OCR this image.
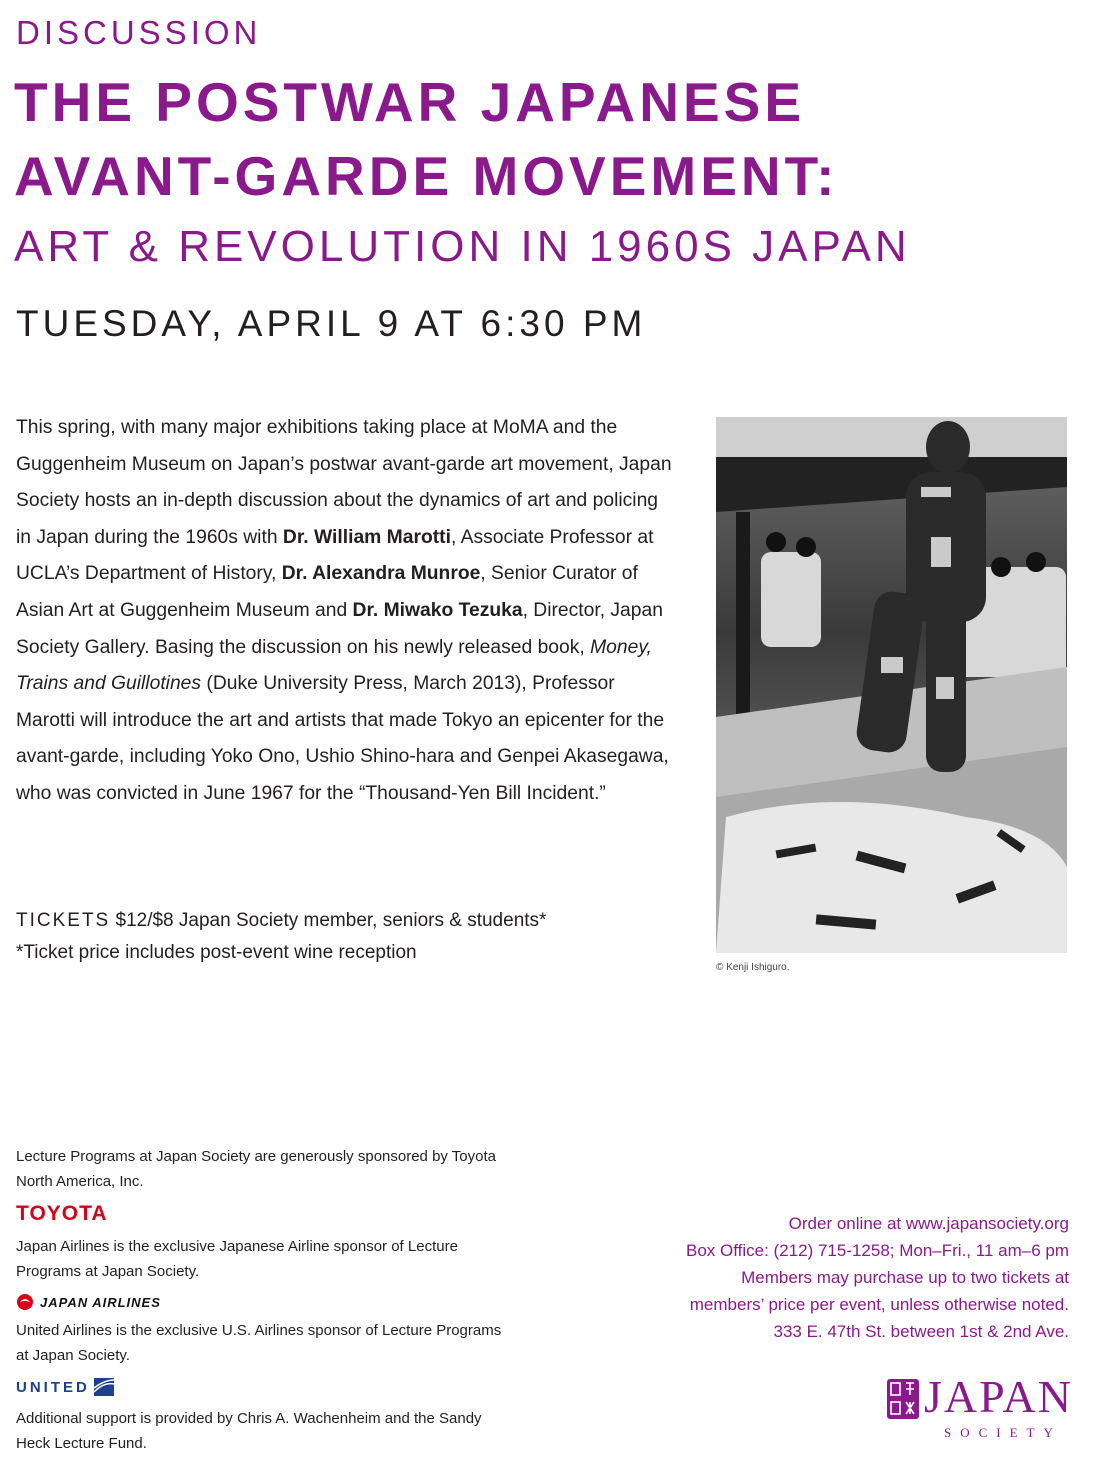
DISCUSSION
THE POSTWAR JAPANESE
AVANT-GARDE MOVEMENT:
ART & REVOLUTION IN 1960S JAPAN
TUESDAY, APRIL 9 AT 6:30 PM
This spring, with many major exhibitions taking place at MoMA and the Guggenheim Museum on Japan’s postwar avant-garde art movement, Japan Society hosts an in-depth discussion about the dynamics of art and policing in Japan during the 1960s with Dr. William Marotti, Associate Professor at UCLA’s Department of History, Dr. Alexandra Munroe, Senior Curator of Asian Art at Guggenheim Museum and Dr. Miwako Tezuka, Director, Japan Society Gallery. Basing the discussion on his newly released book, Money, Trains and Guillotines (Duke University Press, March 2013), Professor Marotti will introduce the art and artists that made Tokyo an epicenter for the avant-garde, including Yoko Ono, Ushio Shino-hara and Genpei Akasegawa, who was convicted in June 1967 for the “Thousand-Yen Bill Incident.”
TICKETS $12/$8 Japan Society member, seniors & students*
*Ticket price includes post-event wine reception
© Kenji Ishiguro.

Lecture Programs at Japan Society are generously sponsored by Toyota North America, Inc.

TOYOTA

Japan Airlines is the exclusive Japanese Airline sponsor of Lecture Programs at Japan Society.

JAPAN AIRLINES

United Airlines is the exclusive U.S. Airlines sponsor of Lecture Programs at Japan Society.

UNITED

Additional support is provided by Chris A. Wachenheim and the Sandy Heck Lecture Fund.

Order online at www.japansociety.org
Box Office: (212) 715-1258; Mon–Fri., 11 am–6 pm
Members may purchase up to two tickets at
members’ price per event, unless otherwise noted.
333 E. 47th St. between 1st & 2nd Ave.
JAPAN
SOCIETY
